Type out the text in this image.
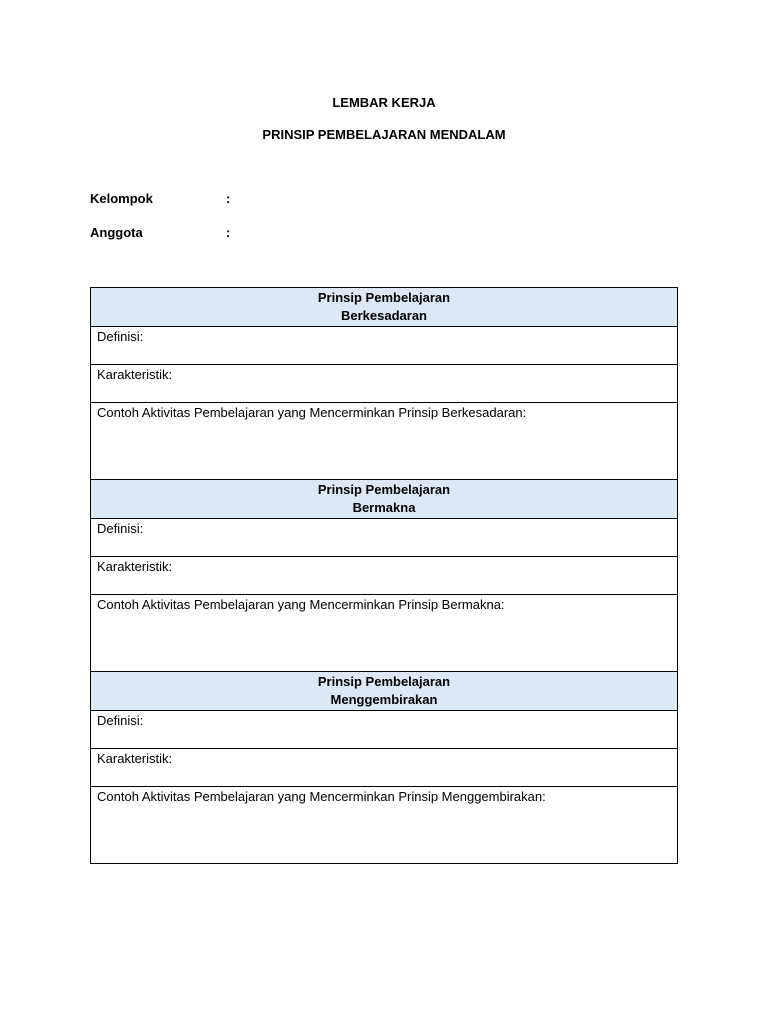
LEMBAR KERJA
PRINSIP PEMBELAJARAN MENDALAM
Kelompok	:
Anggota	:
Prinsip Pembelajaran
Berkesadaran

Definisi:
Karakteristik:
Contoh Aktivitas Pembelajaran yang Mencerminkan Prinsip Berkesadaran:

Prinsip Pembelajaran
Bermakna

Definisi:
Karakteristik:
Contoh Aktivitas Pembelajaran yang Mencerminkan Prinsip Bermakna:

Prinsip Pembelajaran
Menggembirakan

Definisi:
Karakteristik:
Contoh Aktivitas Pembelajaran yang Mencerminkan Prinsip Menggembirakan:
